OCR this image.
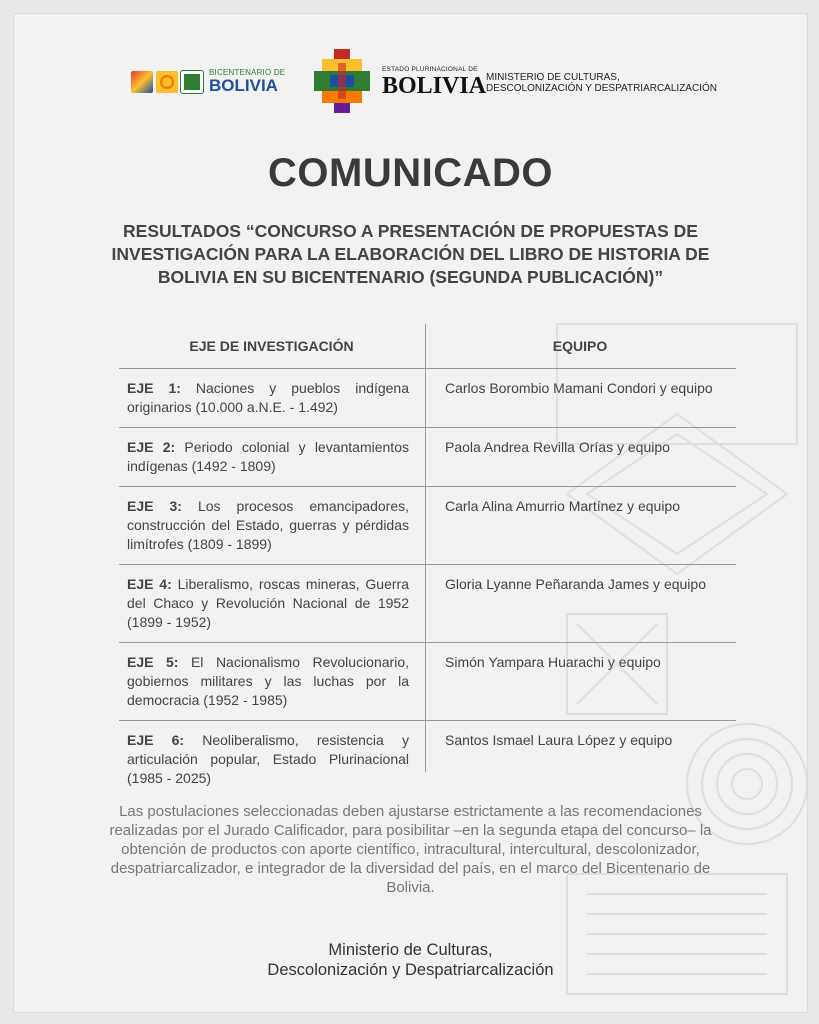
BICENTENARIO DE
BOLIVIA
ESTADO PLURINACIONAL DE
BOLIVIA MINISTERIO DE CULTURAS,
DESCOLONIZACIÓN Y DESPATRIARCALIZACIÓN
COMUNICADO
RESULTADOS “CONCURSO A PRESENTACIÓN DE PROPUESTAS DE INVESTIGACIÓN PARA LA ELABORACIÓN DEL LIBRO DE HISTORIA DE BOLIVIA EN SU BICENTENARIO (SEGUNDA PUBLICACIÓN)”
EJE DE INVESTIGACIÓN	EQUIPO
EJE 1: Naciones y pueblos indígena originarios (10.000 a.N.E. - 1.492)
Carlos Borombio Mamani Condori y equipo
EJE 2: Periodo colonial y levantamientos indígenas (1492 - 1809)
Paola Andrea Revilla Orías y equipo
EJE 3: Los procesos emancipadores, construcción del Estado, guerras y pérdidas limítrofes (1809 - 1899)
Carla Alina Amurrio Martínez y equipo
EJE 4: Liberalismo, roscas mineras, Guerra del Chaco y Revolución Nacional de 1952 (1899 - 1952)
Gloria Lyanne Peñaranda James y equipo
EJE 5: El Nacionalismo Revolucionario, gobiernos militares y las luchas por la democracia (1952 - 1985)
Simón Yampara Huarachi y equipo
EJE 6: Neoliberalismo, resistencia y articulación popular, Estado Plurinacional (1985 - 2025)
Santos Ismael Laura López y equipo
Las postulaciones seleccionadas deben ajustarse estrictamente a las recomendaciones realizadas por el Jurado Calificador, para posibilitar –en la segunda etapa del concurso– la obtención de productos con aporte científico, intracultural, intercultural, descolonizador, despatriarcalizador, e integrador de la diversidad del país, en el marco del Bicentenario de Bolivia.
Ministerio de Culturas,
Descolonización y Despatriarcalización
